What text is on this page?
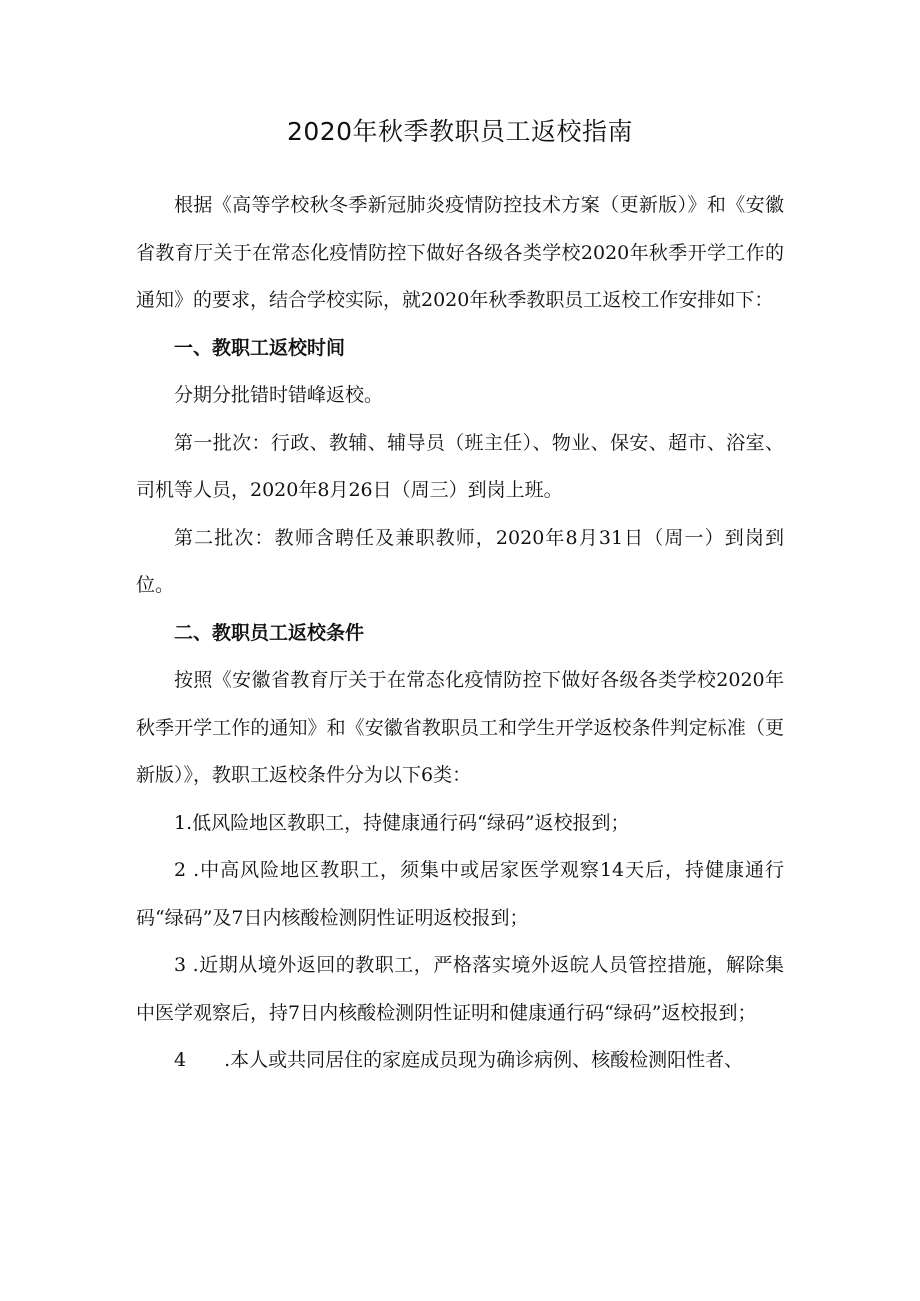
2020年秋季教职员工返校指南

根据《高等学校秋冬季新冠肺炎疫情防控技术方案（更新版）》和《安徽省教育厅关于在常态化疫情防控下做好各级各类学校2020年秋季开学工作的通知》的要求，结合学校实际，就2020年秋季教职员工返校工作安排如下：

一、教职工返校时间

分期分批错时错峰返校。

第一批次：行政、教辅、辅导员（班主任）、物业、保安、超市、浴室、司机等人员，2020年8月26日（周三）到岗上班。

第二批次：教师含聘任及兼职教师，2020年8月31日（周一）到岗到位。

二、教职员工返校条件

按照《安徽省教育厅关于在常态化疫情防控下做好各级各类学校2020年秋季开学工作的通知》和《安徽省教职员工和学生开学返校条件判定标准（更新版）》，教职工返校条件分为以下6类：

1.低风险地区教职工，持健康通行码“绿码”返校报到；

2 .中高风险地区教职工，须集中或居家医学观察14天后，持健康通行码“绿码”及7日内核酸检测阴性证明返校报到；

3 .近期从境外返回的教职工，严格落实境外返皖人员管控措施，解除集中医学观察后，持7日内核酸检测阴性证明和健康通行码“绿码”返校报到；

4　　.本人或共同居住的家庭成员现为确诊病例、核酸检测阳性者、
